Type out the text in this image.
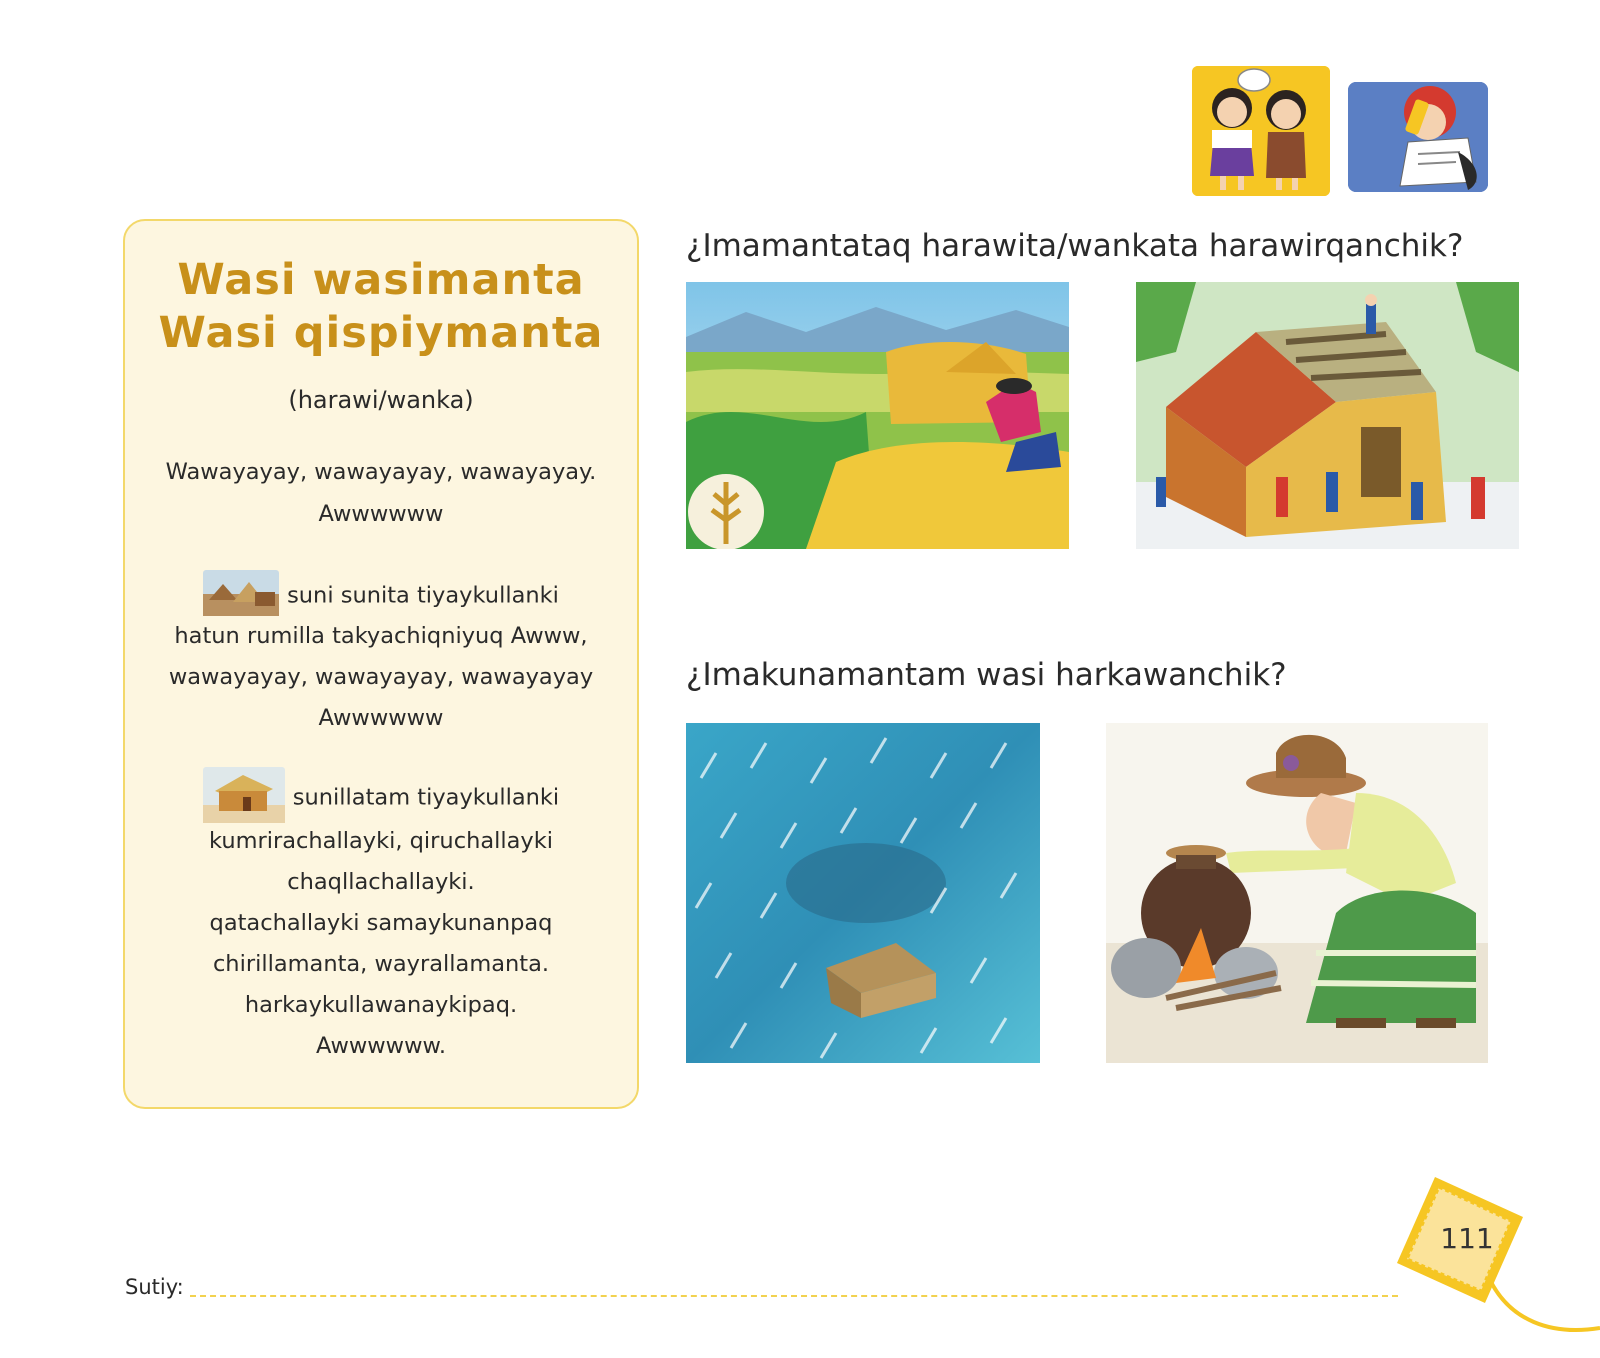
Wasi wasimanta
Wasi qispiymanta
(harawi/wanka)
Wawayayay, wawayayay, wawayayay.
Awwwwww
suni sunita tiyaykullanki
hatun rumilla takyachiqniyuq Awww,
wawayayay, wawayayay, wawayayay
Awwwwww
sunillatam tiyaykullanki
kumrirachallayki, qiruchallayki
chaqllachallayki.
qatachallayki samaykunanpaq
chirillamanta, wayrallamanta.
harkaykullawanaykipaq.
Awwwwww.
¿Imamantataq harawita/wankata harawirqanchik?
¿Imakunamantam wasi harkawanchik?
Sutiy:
111
